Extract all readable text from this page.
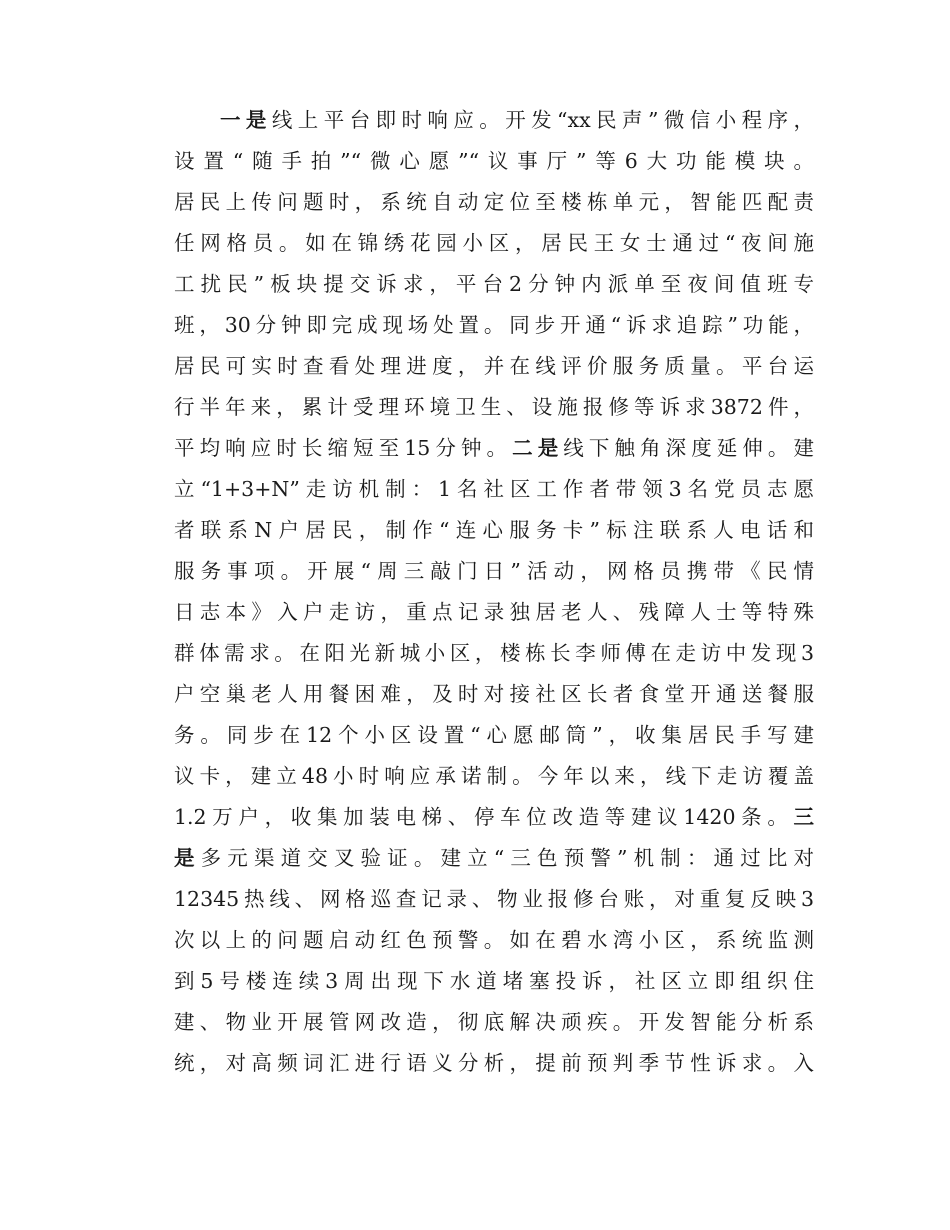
一是线上平台即时响应。开发“xx民声”微信小程序，
设置“随手拍”“微心愿”“议事厅”等6大功能模块。
居民上传问题时，系统自动定位至楼栋单元，智能匹配责
任网格员。如在锦绣花园小区，居民王女士通过“夜间施
工扰民”板块提交诉求，平台2分钟内派单至夜间值班专
班，30分钟即完成现场处置。同步开通“诉求追踪”功能，
居民可实时查看处理进度，并在线评价服务质量。平台运
行半年来，累计受理环境卫生、设施报修等诉求3872件，
平均响应时长缩短至15分钟。二是线下触角深度延伸。建
立“1+3+N”走访机制：1名社区工作者带领3名党员志愿
者联系N户居民，制作“连心服务卡”标注联系人电话和
服务事项。开展“周三敲门日”活动，网格员携带《民情
日志本》入户走访，重点记录独居老人、残障人士等特殊
群体需求。在阳光新城小区，楼栋长李师傅在走访中发现3
户空巢老人用餐困难，及时对接社区长者食堂开通送餐服
务。同步在12个小区设置“心愿邮筒”，收集居民手写建
议卡，建立48小时响应承诺制。今年以来，线下走访覆盖
1.2万户，收集加装电梯、停车位改造等建议1420条。三
是多元渠道交叉验证。建立“三色预警”机制：通过比对
12345热线、网格巡查记录、物业报修台账，对重复反映3
次以上的问题启动红色预警。如在碧水湾小区，系统监测
到5号楼连续3周出现下水道堵塞投诉，社区立即组织住
建、物业开展管网改造，彻底解决顽疾。开发智能分析系
统，对高频词汇进行语义分析，提前预判季节性诉求。入
